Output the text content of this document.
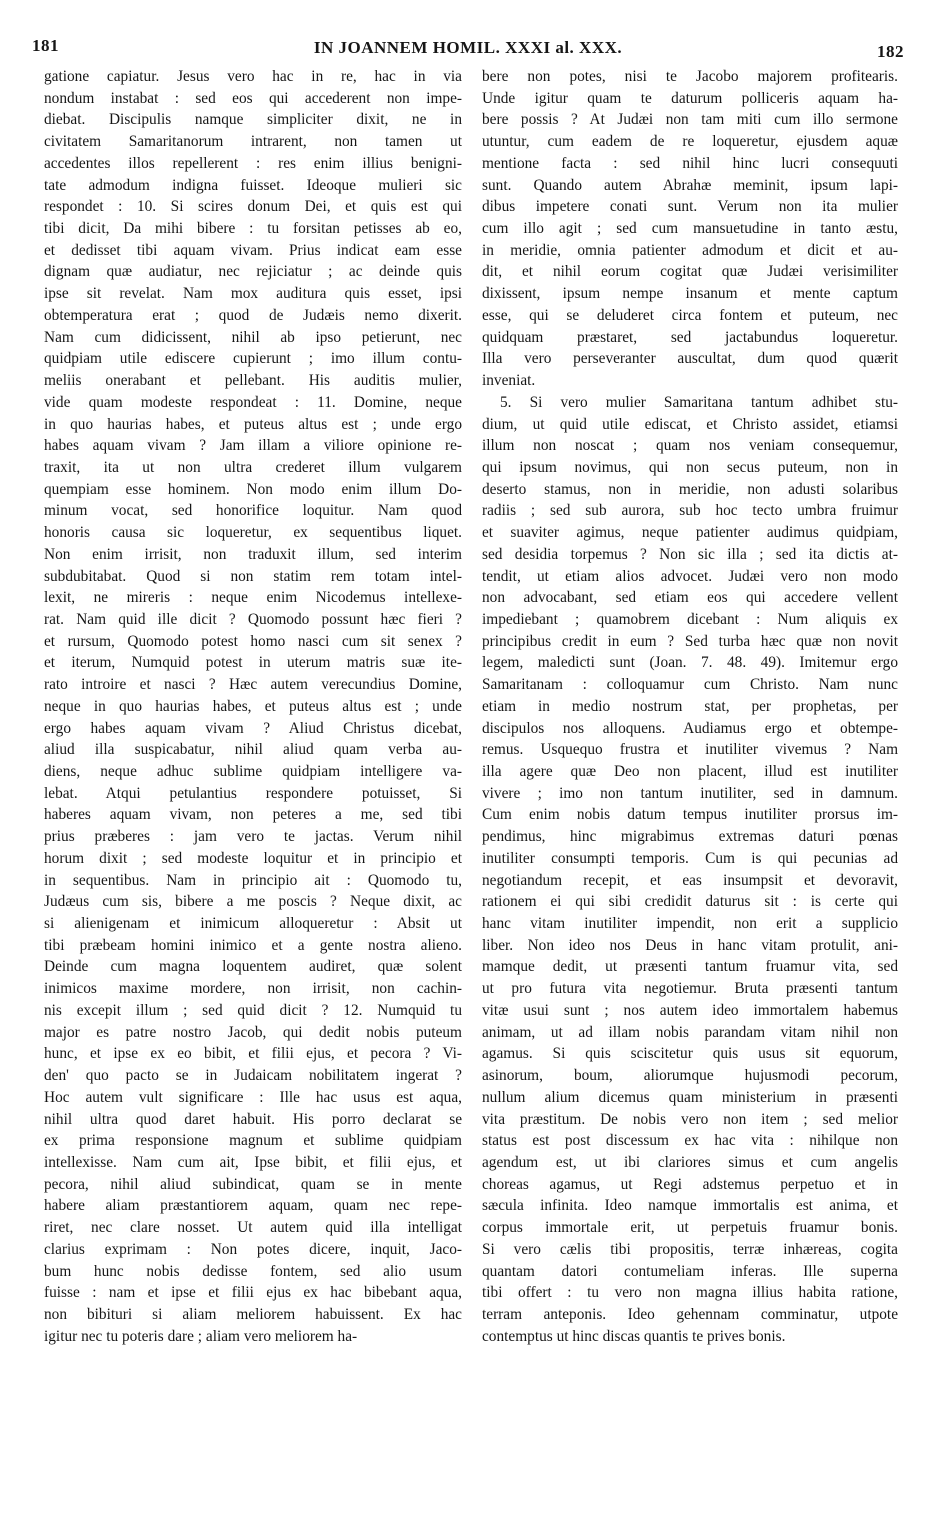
181	IN JOANNEM HOMIL. XXXI al. XXX.	182
gatione capiatur. Jesus vero hac in re, hac in via
nondum instabat : sed eos qui accederent non impe-
diebat. Discipulis namque simpliciter dixit, ne in
civitatem Samaritanorum intrarent, non tamen ut
accedentes illos repellerent : res enim illius benigni-
tate admodum indigna fuisset. Ideoque mulieri sic
respondet : 10. Si scires donum Dei, et quis est qui
tibi dicit, Da mihi bibere : tu forsitan petisses ab eo,
et dedisset tibi aquam vivam. Prius indicat eam esse
dignam quæ audiatur, nec rejiciatur ; ac deinde quis
ipse sit revelat. Nam mox auditura quis esset, ipsi
obtemperatura erat ; quod de Judæis nemo dixerit.
Nam cum didicissent, nihil ab ipso petierunt, nec
quidpiam utile ediscere cupierunt ; imo illum contu-
meliis onerabant et pellebant. His auditis mulier,
vide quam modeste respondeat : 11. Domine, neque
in quo haurias habes, et puteus altus est ; unde ergo
habes aquam vivam ? Jam illam a viliore opinione re-
traxit, ita ut non ultra crederet illum vulgarem
quempiam esse hominem. Non modo enim illum Do-
minum vocat, sed honorifice loquitur. Nam quod
honoris causa sic loqueretur, ex sequentibus liquet.
Non enim irrisit, non traduxit illum, sed interim
subdubitabat. Quod si non statim rem totam intel-
lexit, ne mireris : neque enim Nicodemus intellexe-
rat. Nam quid ille dicit ? Quomodo possunt hæc fieri ?
et rursum, Quomodo potest homo nasci cum sit senex ?
et iterum, Numquid potest in uterum matris suæ ite-
rato introire et nasci ? Hæc autem verecundius Domine,
neque in quo haurias habes, et puteus altus est ; unde
ergo habes aquam vivam ? Aliud Christus dicebat,
aliud illa suspicabatur, nihil aliud quam verba au-
diens, neque adhuc sublime quidpiam intelligere va-
lebat. Atqui petulantius respondere potuisset, Si
haberes aquam vivam, non peteres a me, sed tibi
prius præberes : jam vero te jactas. Verum nihil
horum dixit ; sed modeste loquitur et in principio et
in sequentibus. Nam in principio ait : Quomodo tu,
Judæus cum sis, bibere a me poscis ? Neque dixit, ac
si alienigenam et inimicum alloqueretur : Absit ut
tibi præbeam homini inimico et a gente nostra alieno.
Deinde cum magna loquentem audiret, quæ solent
inimicos maxime mordere, non irrisit, non cachin-
nis excepit illum ; sed quid dicit ? 12. Numquid tu
major es patre nostro Jacob, qui dedit nobis puteum
hunc, et ipse ex eo bibit, et filii ejus, et pecora ? Vi-
den' quo pacto se in Judaicam nobilitatem ingerat ?
Hoc autem vult significare : Ille hac usus est aqua,
nihil ultra quod daret habuit. His porro declarat se
ex prima responsione magnum et sublime quidpiam
intellexisse. Nam cum ait, Ipse bibit, et filii ejus, et
pecora, nihil aliud subindicat, quam se in mente
habere aliam præstantiorem aquam, quam nec repe-
riret, nec clare nosset. Ut autem quid illa intelligat
clarius exprimam : Non potes dicere, inquit, Jaco-
bum hunc nobis dedisse fontem, sed alio usum
fuisse : nam et ipse et filii ejus ex hac bibebant aqua,
non bibituri si aliam meliorem habuissent. Ex hac
igitur nec tu poteris dare ; aliam vero meliorem ha-
bere non potes, nisi te Jacobo majorem profitearis.
Unde igitur quam te daturum polliceris aquam ha-
bere possis ? At Judæi non tam miti cum illo sermone
utuntur, cum eadem de re loqueretur, ejusdem aquæ
mentione facta : sed nihil hinc lucri consequuti
sunt. Quando autem Abrahæ meminit, ipsum lapi-
dibus impetere conati sunt. Verum non ita mulier
cum illo agit ; sed cum mansuetudine in tanto æstu,
in meridie, omnia patienter admodum et dicit et au-
dit, et nihil eorum cogitat quæ Judæi verisimiliter
dixissent, ipsum nempe insanum et mente captum
esse, qui se deluderet circa fontem et puteum, nec
quidquam præstaret, sed jactabundus loqueretur.
Illa vero perseveranter auscultat, dum quod quærit
inveniat.
5. Si vero mulier Samaritana tantum adhibet stu-
dium, ut quid utile ediscat, et Christo assidet, etiamsi
illum non noscat ; quam nos veniam consequemur,
qui ipsum novimus, qui non secus puteum, non in
deserto stamus, non in meridie, non adusti solaribus
radiis ; sed sub aurora, sub hoc tecto umbra fruimur
et suaviter agimus, neque patienter audimus quidpiam,
sed desidia torpemus ? Non sic illa ; sed ita dictis at-
tendit, ut etiam alios advocet. Judæi vero non modo
non advocabant, sed etiam eos qui accedere vellent
impediebant ; quamobrem dicebant : Num aliquis ex
principibus credit in eum ? Sed turba hæc quæ non novit
legem, maledicti sunt (Joan. 7. 48. 49). Imitemur ergo
Samaritanam : colloquamur cum Christo. Nam nunc
etiam in medio nostrum stat, per prophetas, per
discipulos nos alloquens. Audiamus ergo et obtempe-
remus. Usquequo frustra et inutiliter vivemus ? Nam
illa agere quæ Deo non placent, illud est inutiliter
vivere ; imo non tantum inutiliter, sed in damnum.
Cum enim nobis datum tempus inutiliter prorsus im-
pendimus, hinc migrabimus extremas daturi pœnas
inutiliter consumpti temporis. Cum is qui pecunias ad
negotiandum recepit, et eas insumpsit et devoravit,
rationem ei qui sibi credidit daturus sit : is certe qui
hanc vitam inutiliter impendit, non erit a supplicio
liber. Non ideo nos Deus in hanc vitam protulit, ani-
mamque dedit, ut præsenti tantum fruamur vita, sed
ut pro futura vita negotiemur. Bruta præsenti tantum
vitæ usui sunt ; nos autem ideo immortalem habemus
animam, ut ad illam nobis parandam vitam nihil non
agamus. Si quis sciscitetur quis usus sit equorum,
asinorum, boum, aliorumque hujusmodi pecorum,
nullum alium dicemus quam ministerium in præsenti
vita præstitum. De nobis vero non item ; sed melior
status est post discessum ex hac vita : nihilque non
agendum est, ut ibi clariores simus et cum angelis
choreas agamus, ut Regi adstemus perpetuo et in
sæcula infinita. Ideo namque immortalis est anima, et
corpus immortale erit, ut perpetuis fruamur bonis.
Si vero cælis tibi propositis, terræ inhæreas, cogita
quantam datori contumeliam inferas. Ille superna
tibi offert : tu vero non magna illius habita ratione,
terram anteponis. Ideo gehennam comminatur, utpote
contemptus ut hinc discas quantis te prives bonis.
